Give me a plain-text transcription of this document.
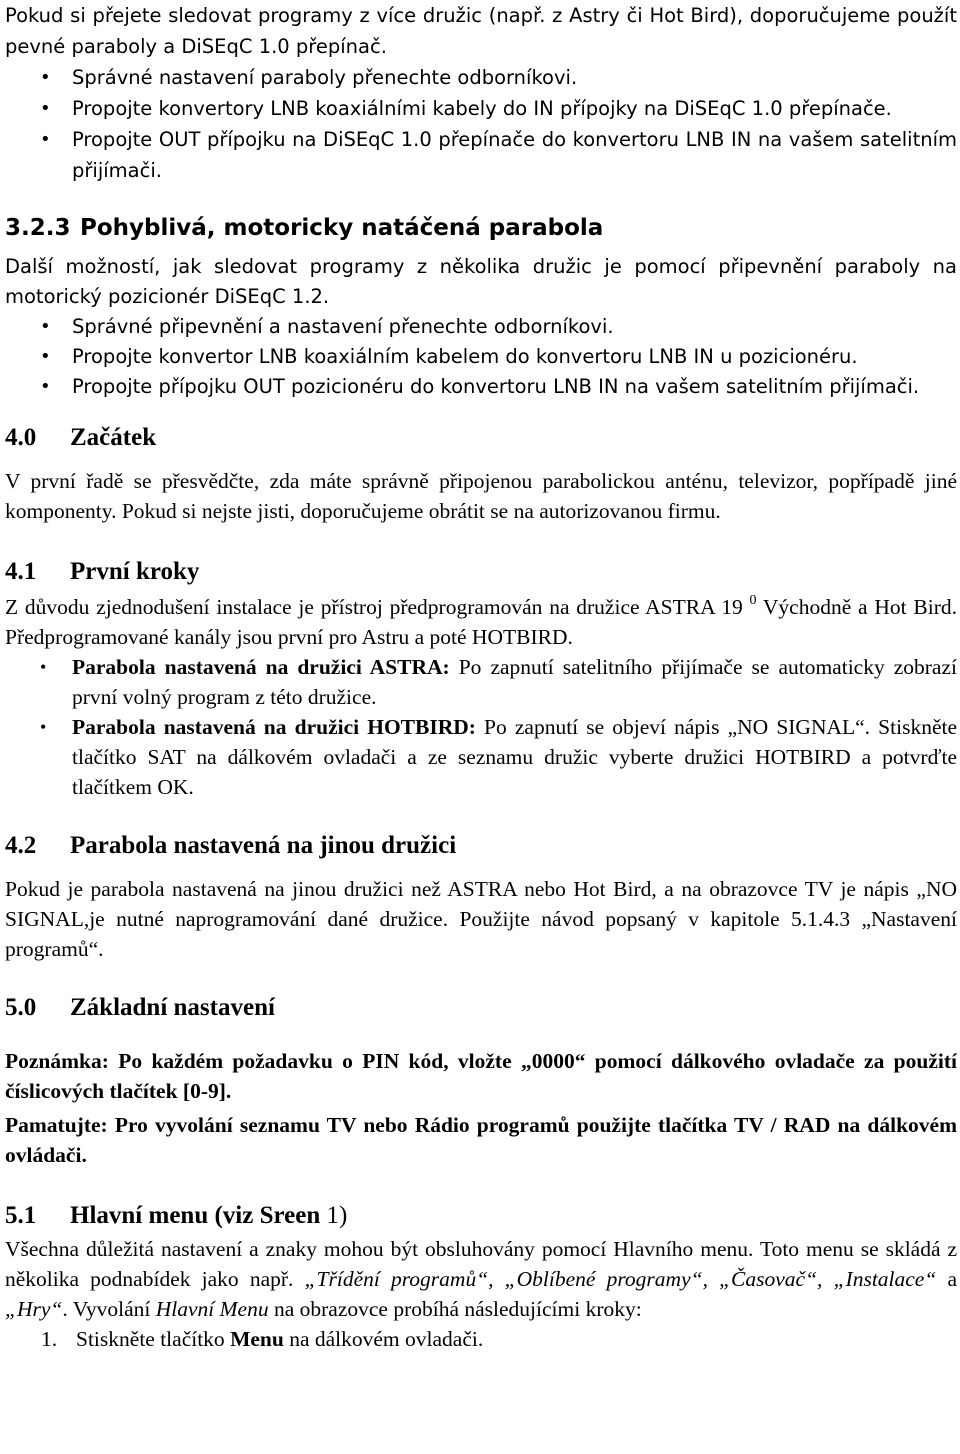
Pokud si přejete sledovat programy z více družic (např. z Astry či Hot Bird), doporučujeme použít pevné paraboly a DiSEqC 1.0 přepínač.

• Správné nastavení paraboly přenechte odborníkovi.
• Propojte konvertory LNB koaxiálními kabely do IN přípojky na DiSEqC 1.0 přepínače.
• Propojte OUT přípojku na DiSEqC 1.0 přepínače do konvertoru LNB IN na vašem satelitním přijímači.
3.2.3 Pohyblivá, motoricky natáčená parabola

Další možností, jak sledovat programy z několika družic je pomocí připevnění paraboly na motorický pozicionér DiSEqC 1.2.

• Správné připevnění a nastavení přenechte odborníkovi.
• Propojte konvertor LNB koaxiálním kabelem do konvertoru LNB IN u pozicionéru.
• Propojte přípojku OUT pozicionéru do konvertoru LNB IN na vašem satelitním přijímači.
4.0 Začátek

V první řadě se přesvědčte, zda máte správně připojenou parabolickou anténu, televizor, popřípadě jiné komponenty. Pokud si nejste jisti, doporučujeme obrátit se na autorizovanou firmu.

4.1 První kroky

Z důvodu zjednodušení instalace je přístroj předprogramován na družice ASTRA 19 $^0$ Východně a Hot Bird. Předprogramované kanály jsou první pro Astru a poté HOTBIRD.

• Parabola nastavená na družici ASTRA: Po zapnutí satelitního přijímače se automaticky zobrazí první volný program z této družice.
• Parabola nastavená na družici HOTBIRD: Po zapnutí se objeví nápis „NO SIGNAL“. Stiskněte tlačítko SAT na dálkovém ovladači a ze seznamu družic vyberte družici HOTBIRD a potvrďte tlačítkem OK.
4.2 Parabola nastavená na jinou družici

Pokud je parabola nastavená na jinou družici než ASTRA nebo Hot Bird, a na obrazovce TV je nápis „NO SIGNAL,je nutné naprogramování dané družice. Použijte návod popsaný v kapitole 5.1.4.3 „Nastavení programů“.

5.0 Základní nastavení

Poznámka: Po každém požadavku o PIN kód, vložte „0000“ pomocí dálkového ovladače za použití číslicových tlačítek [0-9].

Pamatujte: Pro vyvolání seznamu TV nebo Rádio programů použijte tlačítka TV / RAD na dálkovém ovládači.

5.1 Hlavní menu (viz Sreen 1)

Všechna důležitá nastavení a znaky mohou být obsluhovány pomocí Hlavního menu. Toto menu se skládá z několika podnabídek jako např. „Třídění programů“, „Oblíbené programy“, „Časovač“, „Instalace“ a „Hry“. Vyvolání Hlavní Menu na obrazovce probíhá následujícími kroky:

1. Stiskněte tlačítko Menu na dálkovém ovladači.
